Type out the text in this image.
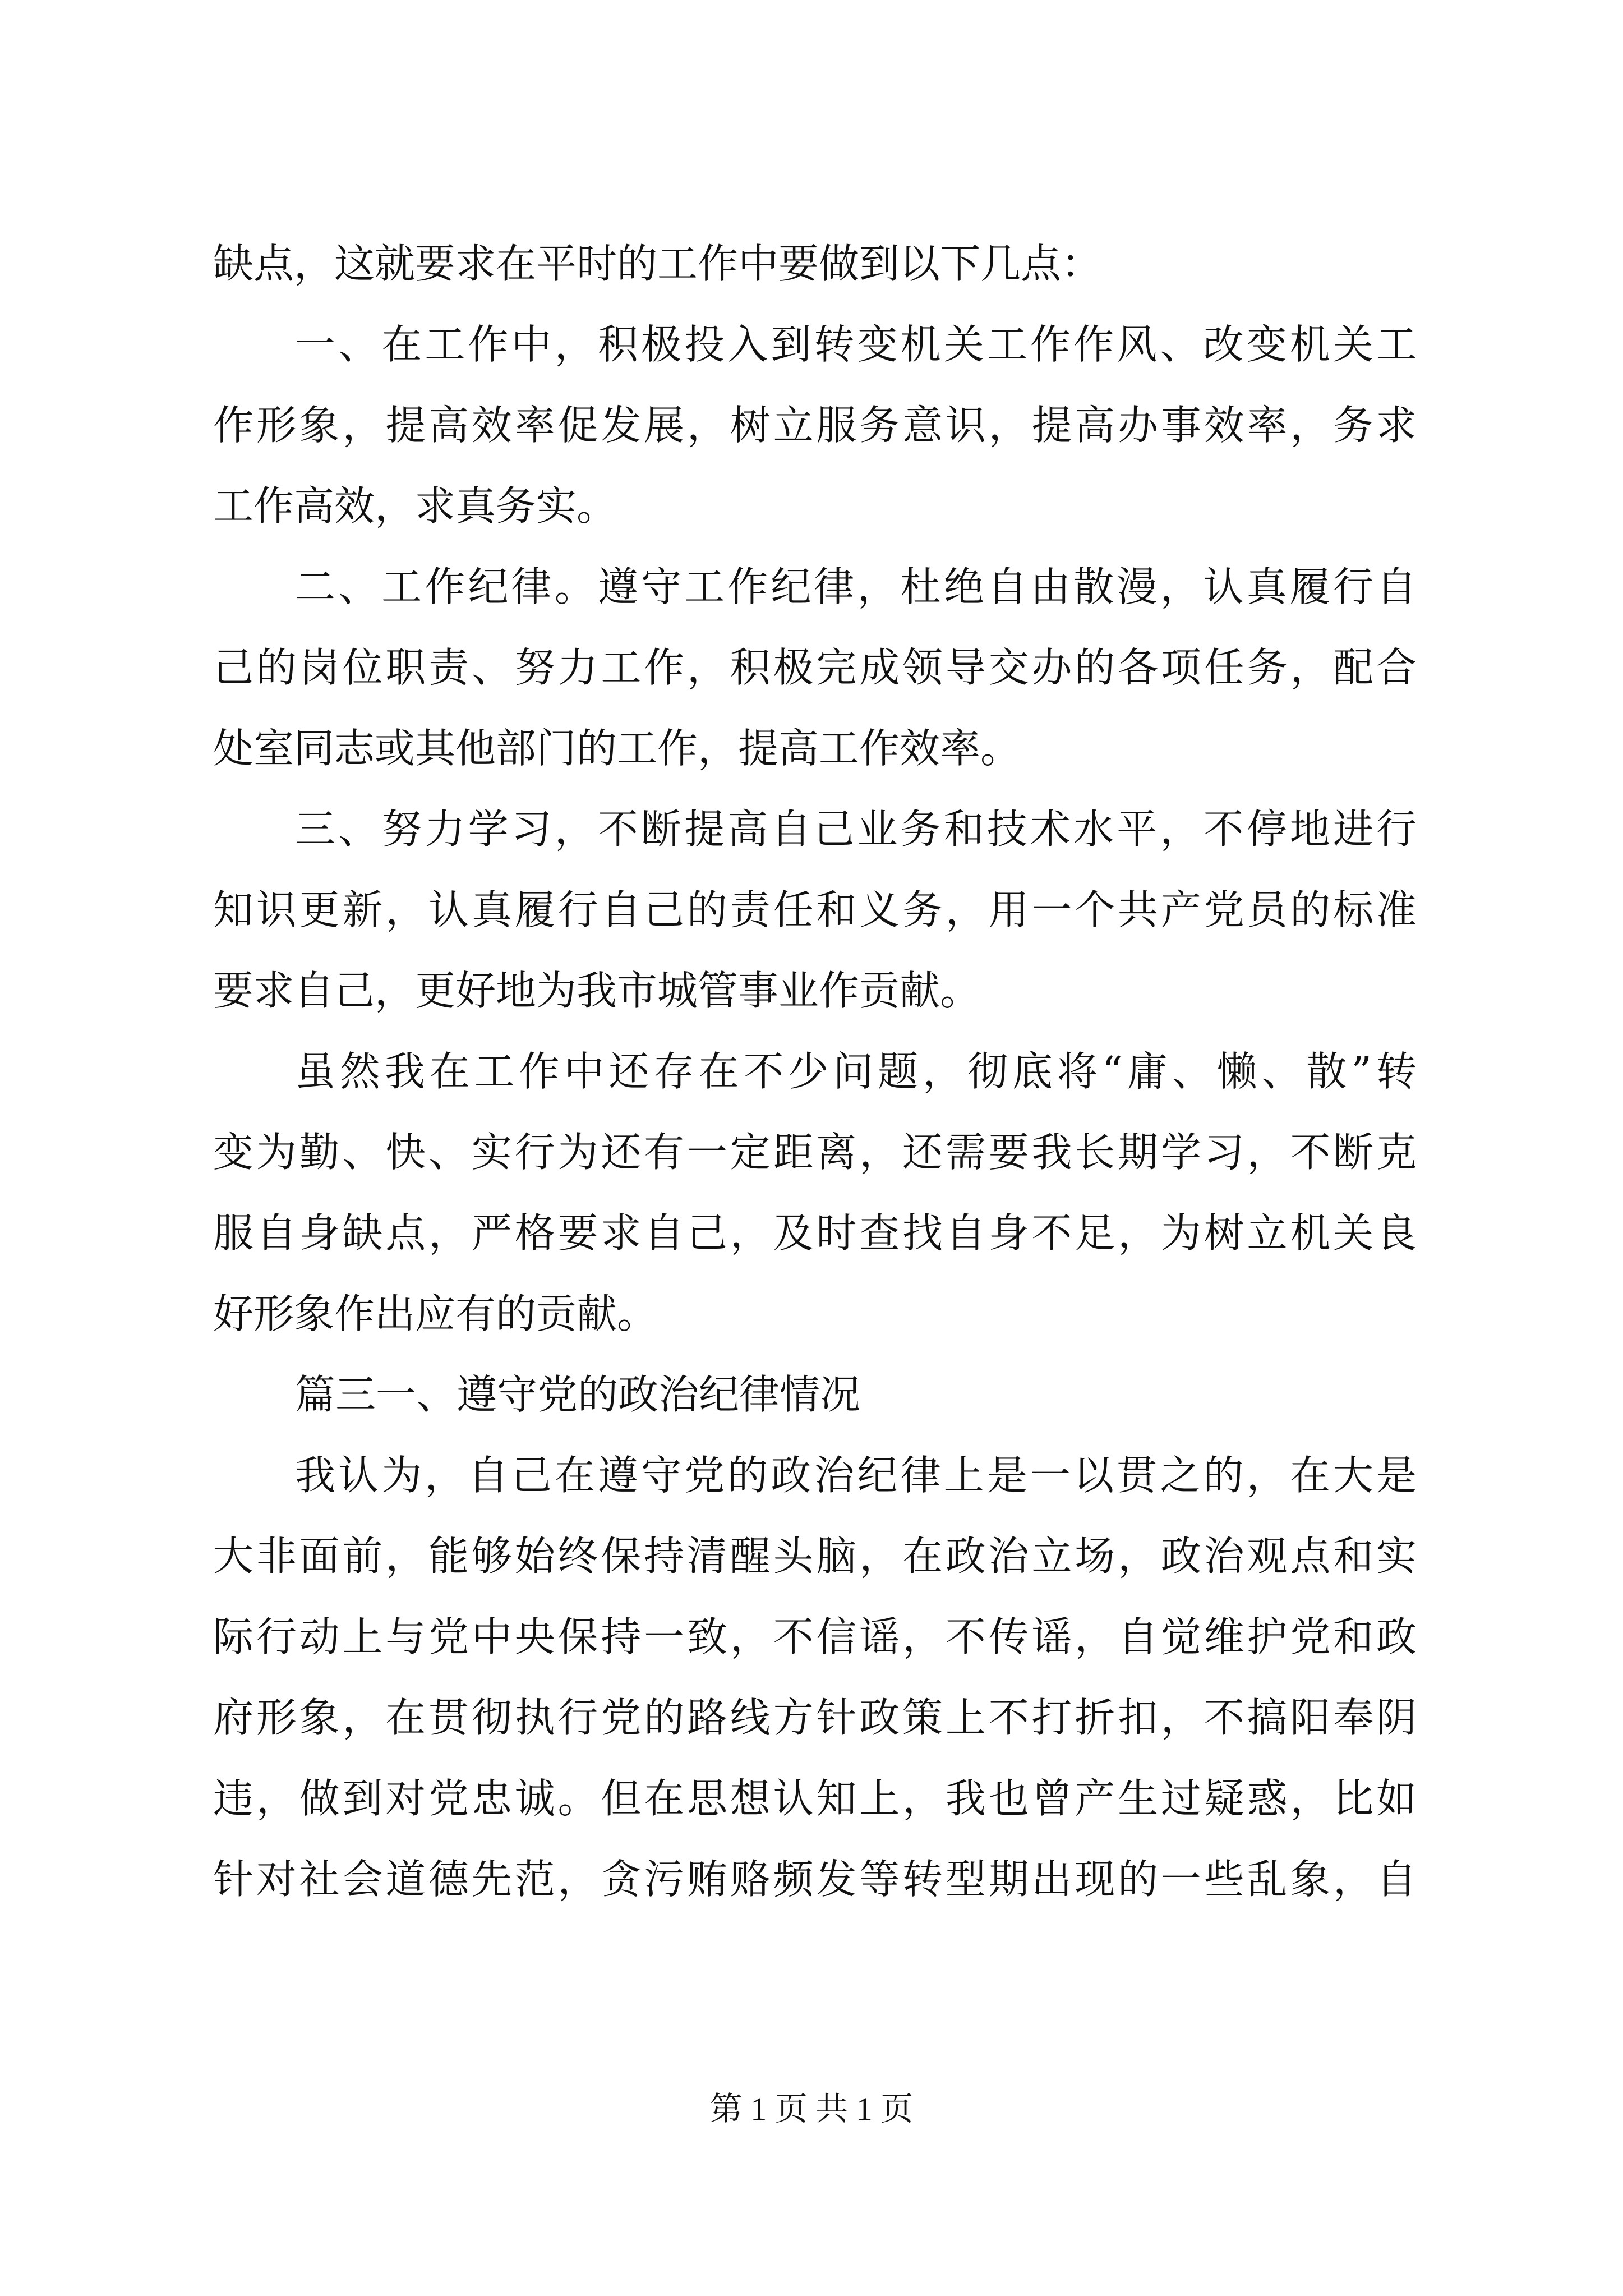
缺点，这就要求在平时的工作中要做到以下几点：
一、在工作中，积极投入到转变机关工作作风、改变机关工
作形象，提高效率促发展，树立服务意识，提高办事效率，务求
工作高效，求真务实。
二、工作纪律。遵守工作纪律，杜绝自由散漫，认真履行自
己的岗位职责、努力工作，积极完成领导交办的各项任务，配合
处室同志或其他部门的工作，提高工作效率。
三、努力学习，不断提高自己业务和技术水平，不停地进行
知识更新，认真履行自己的责任和义务，用一个共产党员的标准
要求自己，更好地为我市城管事业作贡献。
虽然我在工作中还存在不少问题，彻底将“庸、懒、散”转
变为勤、快、实行为还有一定距离，还需要我长期学习，不断克
服自身缺点，严格要求自己，及时查找自身不足，为树立机关良
好形象作出应有的贡献。
篇三一、遵守党的政治纪律情况
我认为，自己在遵守党的政治纪律上是一以贯之的，在大是
大非面前，能够始终保持清醒头脑，在政治立场，政治观点和实
际行动上与党中央保持一致，不信谣，不传谣，自觉维护党和政
府形象，在贯彻执行党的路线方针政策上不打折扣，不搞阳奉阴
违，做到对党忠诚。但在思想认知上，我也曾产生过疑惑，比如
针对社会道德先范，贪污贿赂频发等转型期出现的一些乱象，自
第 1 页 共 1 页
